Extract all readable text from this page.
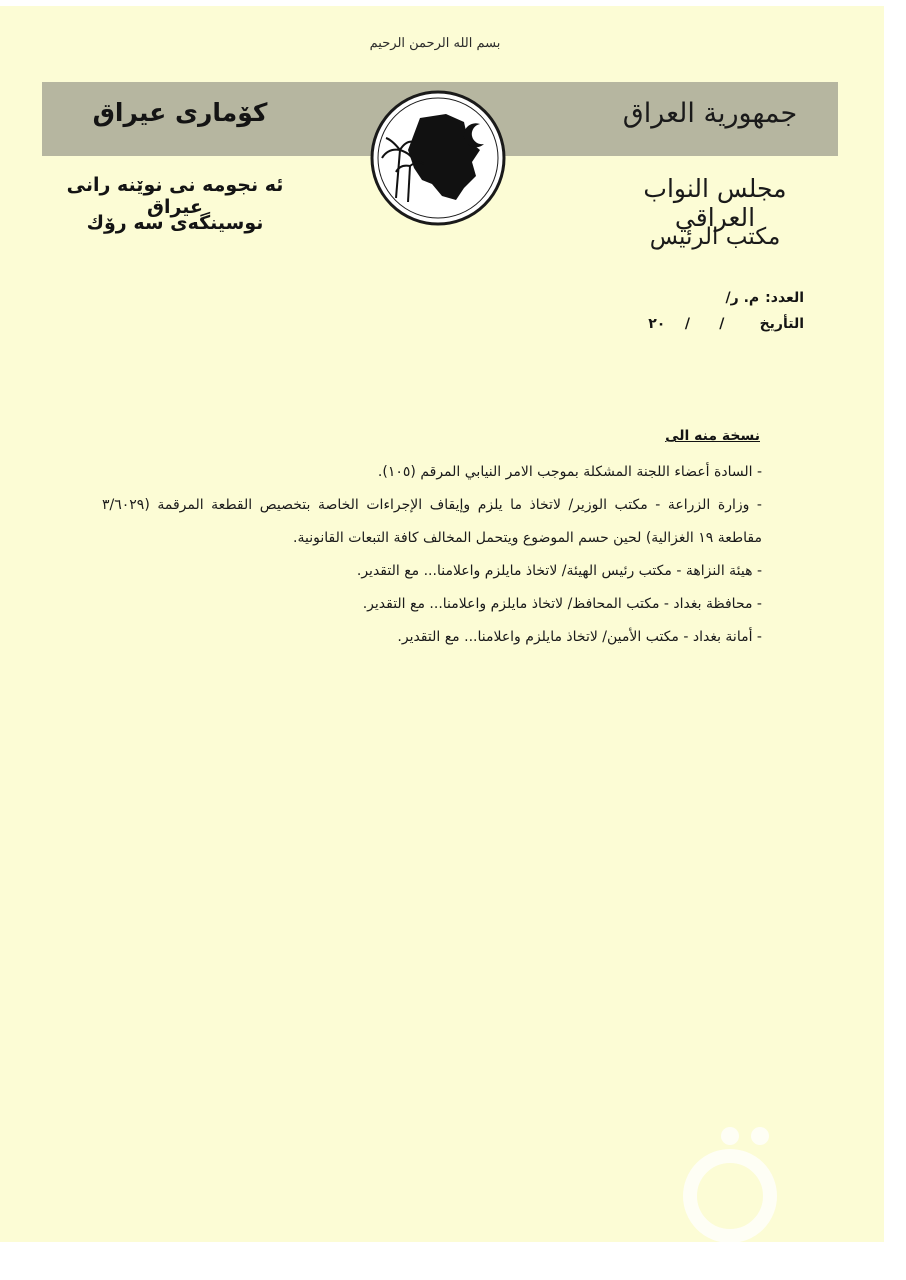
بسم الله الرحمن الرحيم
كۆمارى عيراق	جمهورية العراق
ئه نجومه نى نوێنه رانى عيراق
نوسينگه‌ى سه رۆك
مجلس النواب العراقي
مكتب الرئيس
العدد:م. ر/
التأريخ      /      /    ٢٠
نسخة منه الى
- السادة أعضاء اللجنة المشكلة بموجب الامر النيابي المرقم (١٠٥).
- وزارة الزراعة - مكتب الوزير/ لاتخاذ ما يلزم وإيقاف الإجراءات الخاصة بتخصيص القطعة المرقمة (٣/٦٠٢٩ مقاطعة ١٩ الغزالية) لحين حسم الموضوع ويتحمل المخالف كافة التبعات القانونية.
- هيئة النزاهة - مكتب رئيس الهيئة/ لاتخاذ مايلزم واعلامنا... مع التقدير.
- محافظة بغداد - مكتب المحافظ/ لاتخاذ مايلزم واعلامنا... مع التقدير.
- أمانة بغداد - مكتب الأمين/ لاتخاذ مايلزم واعلامنا... مع التقدير.
